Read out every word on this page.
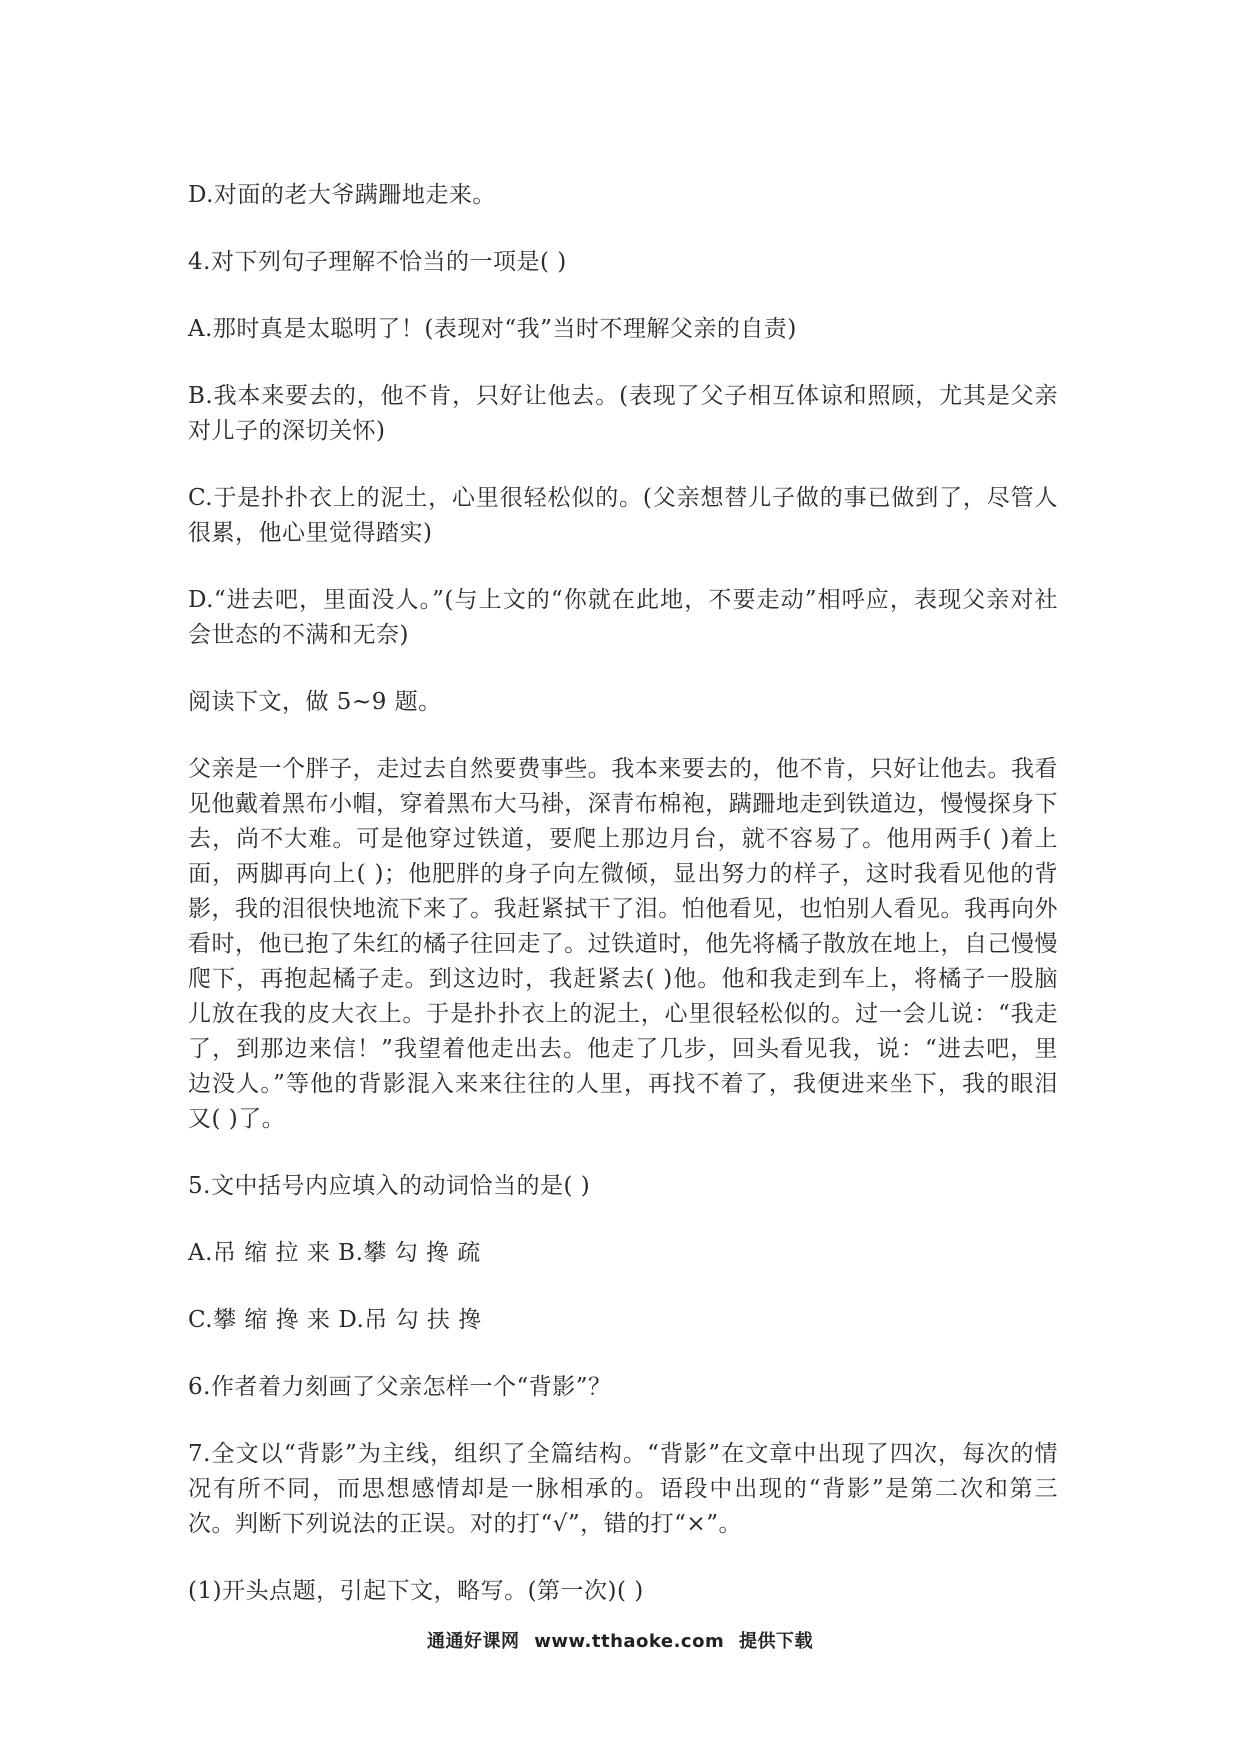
D.对面的老大爷蹒跚地走来。

4.对下列句子理解不恰当的一项是( )

A.那时真是太聪明了！(表现对“我”当时不理解父亲的自责)

B.我本来要去的，他不肯，只好让他去。(表现了父子相互体谅和照顾，尤其是父亲对儿子的深切关怀)

C.于是扑扑衣上的泥土，心里很轻松似的。(父亲想替儿子做的事已做到了，尽管人很累，他心里觉得踏实)

D.“进去吧，里面没人。”(与上文的“你就在此地，不要走动”相呼应，表现父亲对社会世态的不满和无奈)

阅读下文，做 5~9 题。

父亲是一个胖子，走过去自然要费事些。我本来要去的，他不肯，只好让他去。我看见他戴着黑布小帽，穿着黑布大马褂，深青布棉袍，蹒跚地走到铁道边，慢慢探身下去，尚不大难。可是他穿过铁道，要爬上那边月台，就不容易了。他用两手( )着上面，两脚再向上( )；他肥胖的身子向左微倾，显出努力的样子，这时我看见他的背影，我的泪很快地流下来了。我赶紧拭干了泪。怕他看见，也怕别人看见。我再向外看时，他已抱了朱红的橘子往回走了。过铁道时，他先将橘子散放在地上，自己慢慢爬下，再抱起橘子走。到这边时，我赶紧去( )他。他和我走到车上，将橘子一股脑儿放在我的皮大衣上。于是扑扑衣上的泥土，心里很轻松似的。过一会儿说：“我走了，到那边来信！”我望着他走出去。他走了几步，回头看见我，说：“进去吧，里边没人。”等他的背影混入来来往往的人里，再找不着了，我便进来坐下，我的眼泪又( )了。

5.文中括号内应填入的动词恰当的是( )

A.吊 缩 拉 来 B.攀 勾 搀 疏

C.攀 缩 搀 来 D.吊 勾 扶 搀

6.作者着力刻画了父亲怎样一个“背影”？

7.全文以“背影”为主线，组织了全篇结构。“背影”在文章中出现了四次，每次的情况有所不同，而思想感情却是一脉相承的。语段中出现的“背影”是第二次和第三次。判断下列说法的正误。对的打“√”，错的打“×”。

(1)开头点题，引起下文，略写。(第一次)( )

通通好课网 www.tthaoke.com 提供下载
